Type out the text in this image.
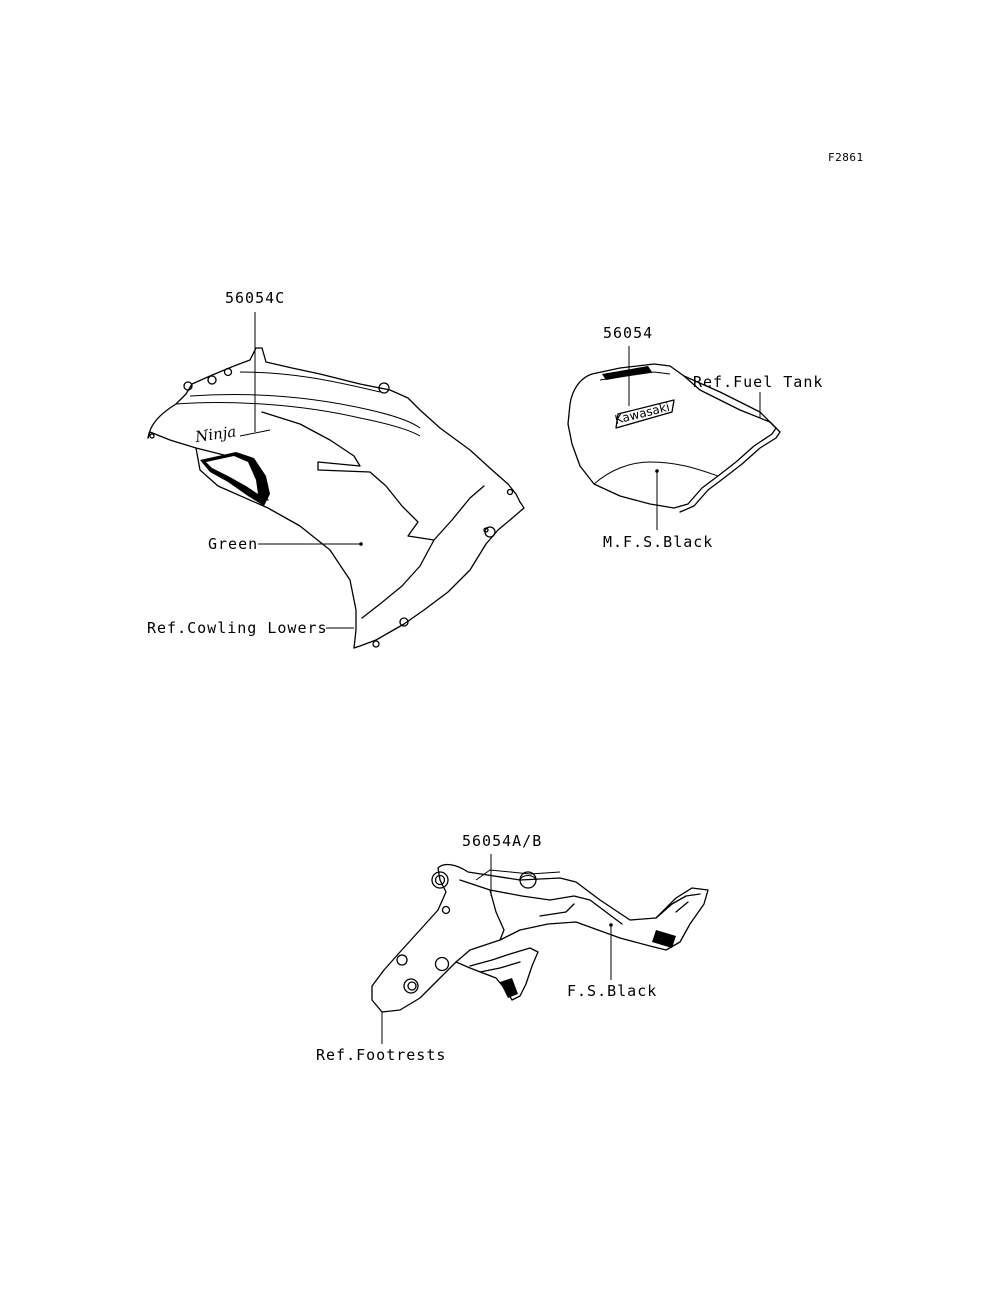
F2861
Ninja
56054C
Green
Ref.Cowling Lowers
Kawasaki
56054
Ref.Fuel Tank
M.F.S.Black
56054A/B
F.S.Black
Ref.Footrests
